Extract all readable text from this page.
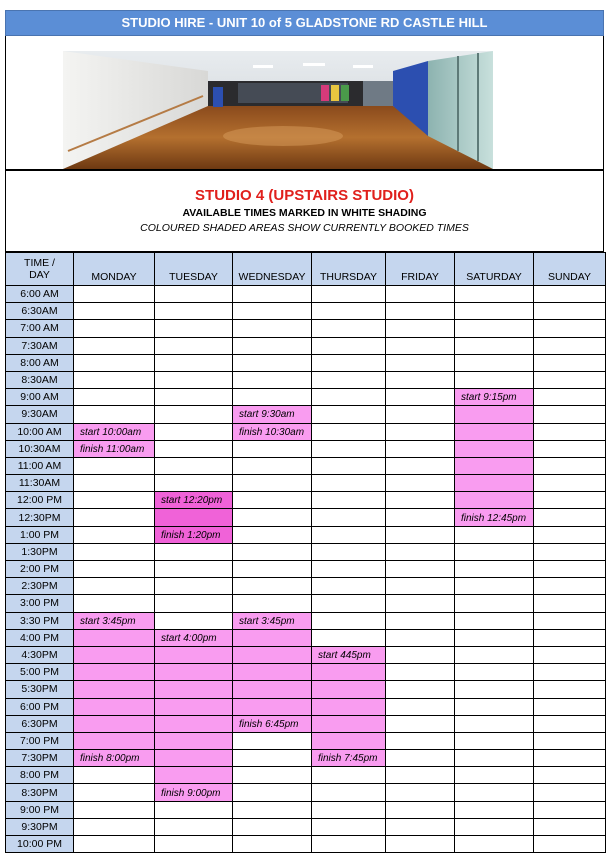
STUDIO HIRE - UNIT 10 of 5 GLADSTONE RD CASTLE HILL
STUDIO 4 (UPSTAIRS STUDIO)
AVAILABLE TIMES MARKED IN WHITE SHADING
COLOURED SHADED AREAS SHOW CURRENTLY BOOKED TIMES
TIME /
DAY	MONDAY	TUESDAY	WEDNESDAY	THURSDAY	FRIDAY	SATURDAY	SUNDAY
6:00 AM							
6:30AM							
7:00 AM							
7:30AM							
8:00 AM							
8:30AM							
9:00 AM						start 9:15pm	
9:30AM			start 9:30am				
10:00 AM	start 10:00am		finish 10:30am				
10:30AM	finish 11:00am						
11:00 AM							
11:30AM							
12:00 PM		start 12:20pm					
12:30PM						finish 12:45pm	
1:00 PM		finish 1:20pm					
1:30PM							
2:00 PM							
2:30PM							
3:00 PM							
3:30 PM	start 3:45pm		start 3:45pm				
4:00 PM		start 4:00pm					
4:30PM				start 445pm			
5:00 PM							
5:30PM							
6:00 PM							
6:30PM			finish 6:45pm				
7:00 PM							
7:30PM	finish 8:00pm			finish 7:45pm			
8:00 PM							
8:30PM		finish 9:00pm					
9:00 PM							
9:30PM							
10:00 PM							
